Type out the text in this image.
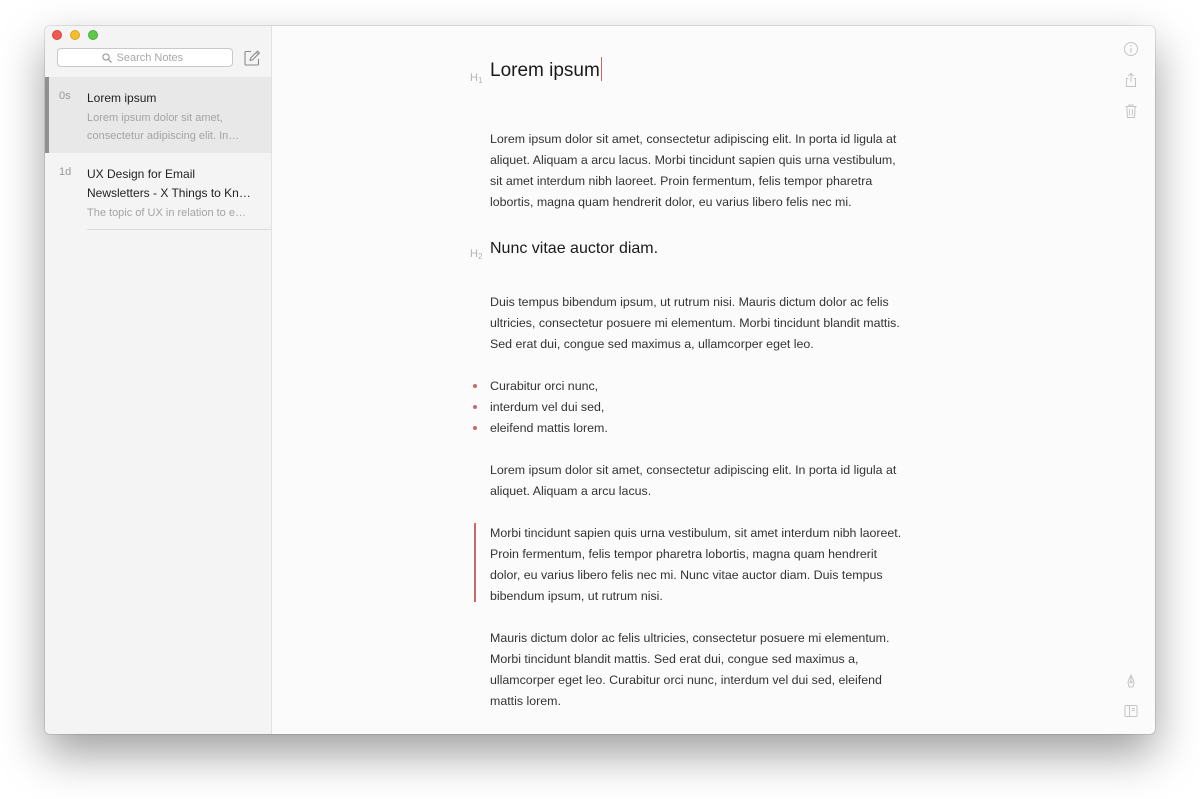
Search Notes
0s Lorem ipsum
Lorem ipsum dolor sit amet,
consectetur adipiscing elit. In…
1d UX Design for Email
Newsletters - X Things to Kn…
The topic of UX in relation to e…
$H_1$ Lorem ipsum

Lorem ipsum dolor sit amet, consectetur adipiscing elit. In porta id ligula at
aliquet. Aliquam a arcu lacus. Morbi tincidunt sapien quis urna vestibulum,
sit amet interdum nibh laoreet. Proin fermentum, felis tempor pharetra
lobortis, magna quam hendrerit dolor, eu varius libero felis nec mi.

$H_2$ Nunc vitae auctor diam.

Duis tempus bibendum ipsum, ut rutrum nisi. Mauris dictum dolor ac felis
ultricies, consectetur posuere mi elementum. Morbi tincidunt blandit mattis.
Sed erat dui, congue sed maximus a, ullamcorper eget leo.

Curabitur orci nunc,
interdum vel dui sed,
eleifend mattis lorem.

Lorem ipsum dolor sit amet, consectetur adipiscing elit. In porta id ligula at
aliquet. Aliquam a arcu lacus.

Morbi tincidunt sapien quis urna vestibulum, sit amet interdum nibh laoreet.
Proin fermentum, felis tempor pharetra lobortis, magna quam hendrerit
dolor, eu varius libero felis nec mi. Nunc vitae auctor diam. Duis tempus
bibendum ipsum, ut rutrum nisi.

Mauris dictum dolor ac felis ultricies, consectetur posuere mi elementum.
Morbi tincidunt blandit mattis. Sed erat dui, congue sed maximus a,
ullamcorper eget leo. Curabitur orci nunc, interdum vel dui sed, eleifend
mattis lorem.
